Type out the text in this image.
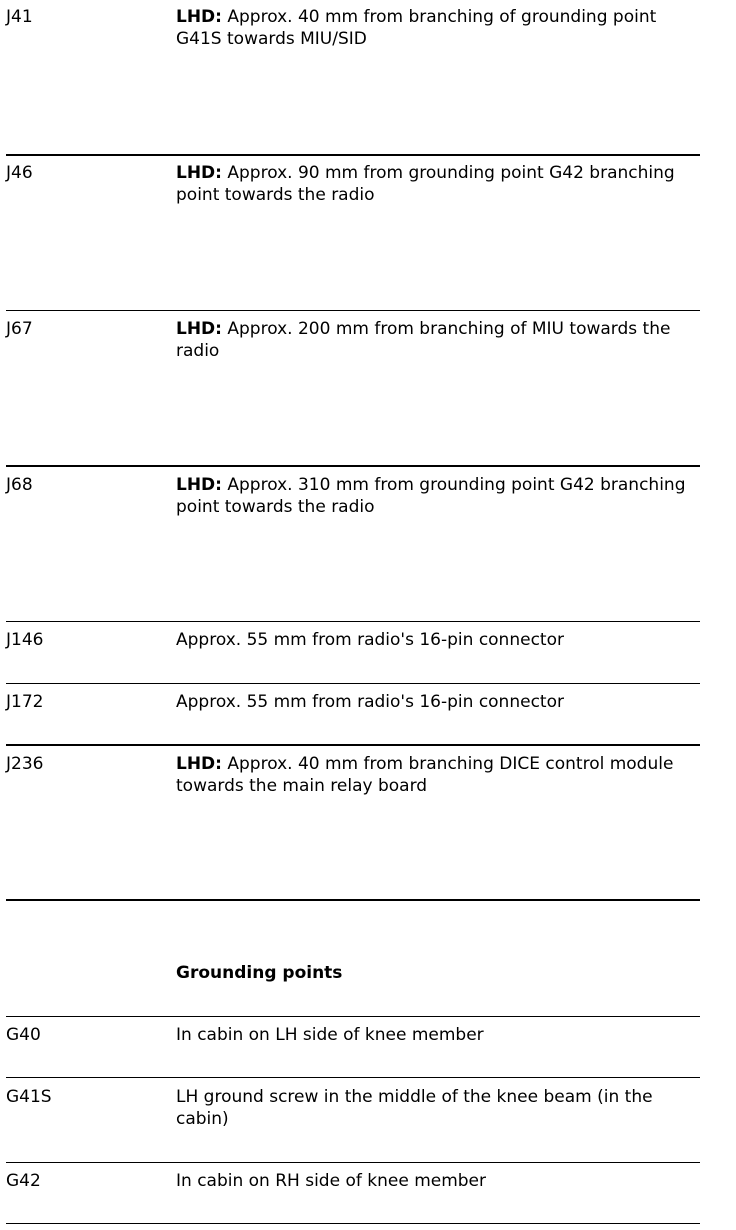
J41	LHD: Approx. 40 mm from branching of grounding point G41S towards MIU/SID
J46	LHD: Approx. 90 mm from grounding point G42 branching point towards the radio
J67	LHD: Approx. 200 mm from branching of MIU towards the radio
J68	LHD: Approx. 310 mm from grounding point G42 branching point towards the radio
J146	Approx. 55 mm from radio's 16-pin connector
J172	Approx. 55 mm from radio's 16-pin connector
J236	LHD: Approx. 40 mm from branching DICE control module towards the main relay board
Grounding points
G40	In cabin on LH side of knee member
G41S	LH ground screw in the middle of the knee beam (in the cabin)
G42	In cabin on RH side of knee member
